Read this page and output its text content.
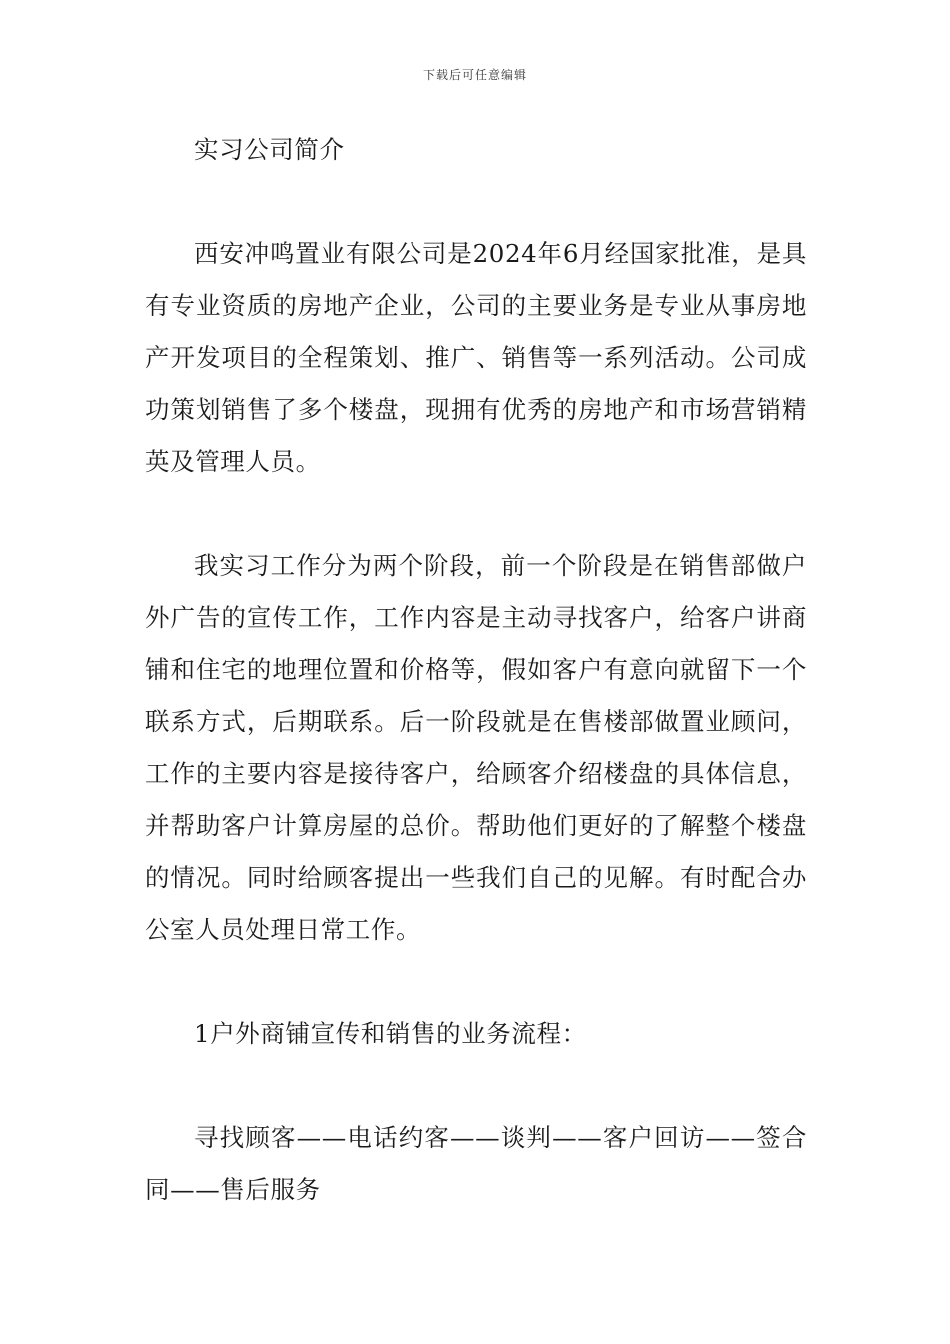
下载后可任意编辑

实习公司简介

西安冲鸣置业有限公司是2024年6月经国家批准，是具有专业资质的房地产企业，公司的主要业务是专业从事房地产开发项目的全程策划、推广、销售等一系列活动。公司成功策划销售了多个楼盘，现拥有优秀的房地产和市场营销精英及管理人员。

我实习工作分为两个阶段，前一个阶段是在销售部做户外广告的宣传工作，工作内容是主动寻找客户，给客户讲商铺和住宅的地理位置和价格等，假如客户有意向就留下一个联系方式，后期联系。后一阶段就是在售楼部做置业顾问，工作的主要内容是接待客户，给顾客介绍楼盘的具体信息，并帮助客户计算房屋的总价。帮助他们更好的了解整个楼盘的情况。同时给顾客提出一些我们自己的见解。有时配合办公室人员处理日常工作。

1户外商铺宣传和销售的业务流程：

寻找顾客——电话约客——谈判——客户回访——签合同——售后服务
